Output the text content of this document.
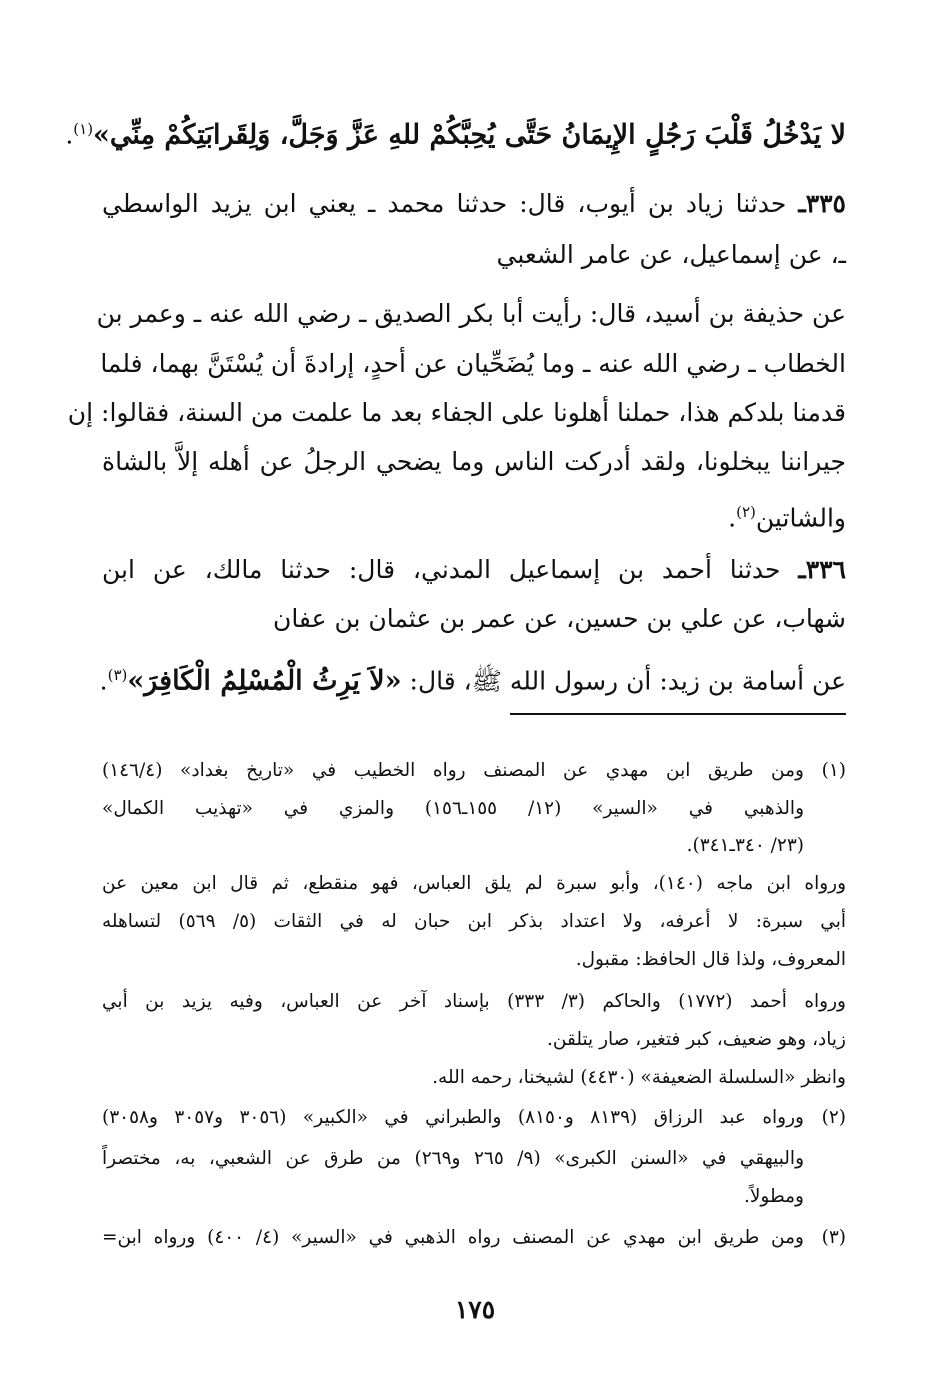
لا يَدْخُلُ قَلْبَ رَجُلٍ الإِيمَانُ حَتَّى يُحِبَّكُمْ للهِ عَزَّ وَجَلَّ، وَلِقَرابَتِكُمْ مِنِّي»$^{(١)}$.
٣٣٥ـ حدثنا زياد بن أيوب، قال: حدثنا محمد ـ يعني ابن يزيد الواسطي
ـ، عن إسماعيل، عن عامر الشعبي
عن حذيفة بن أسيد، قال: رأيت أبا بكر الصديق ـ رضي الله عنه ـ وعمر بن
الخطاب ـ رضي الله عنه ـ وما يُضَحِّيان عن أحدٍ، إرادةَ أن يُسْتَنَّ بهما، فلما
قدمنا بلدكم هذا، حملنا أهلونا على الجفاء بعد ما علمت من السنة، فقالوا: إن
جيراننا يبخلونا، ولقد أدركت الناس وما يضحي الرجلُ عن أهله إلاَّ بالشاة
والشاتين$^{(٢)}$.
٣٣٦ـ حدثنا أحمد بن إسماعيل المدني، قال: حدثنا مالك، عن ابن
شهاب، عن علي بن حسين، عن عمر بن عثمان بن عفان
عن أسامة بن زيد: أن رسول الله ﷺ، قال: «لاَ يَرِثُ الْمُسْلِمُ الْكَافِرَ»$^{(٣)}$.
(١)
ومن طريق ابن مهدي عن المصنف رواه الخطيب في «تاريخ بغداد» (١٤٦/٤)
والذهبي في «السير» (١٢/ ١٥٥ـ١٥٦) والمزي في «تهذيب الكمال»
(٢٣/ ٣٤٠ـ٣٤١).
ورواه ابن ماجه (١٤٠)، وأبو سبرة لم يلق العباس، فهو منقطع، ثم قال ابن معين عن
أبي سبرة: لا أعرفه، ولا اعتداد بذكر ابن حبان له في الثقات (٥/ ٥٦٩) لتساهله
المعروف، ولذا قال الحافظ: مقبول.
ورواه أحمد (١٧٧٢) والحاكم (٣/ ٣٣٣) بإسناد آخر عن العباس، وفيه يزيد بن أبي
زياد، وهو ضعيف، كبر فتغير، صار يتلقن.
وانظر «السلسلة الضعيفة» (٤٤٣٠) لشيخنا، رحمه الله.
(٢)
ورواه عبد الرزاق (٨١٣٩ و٨١٥٠) والطبراني في «الكبير» (٣٠٥٦ و٣٠٥٧ و٣٠٥٨)
والبيهقي في «السنن الكبرى» (٩/ ٢٦٥ و٢٦٩) من طرق عن الشعبي، به، مختصراً
ومطولاً.
(٣)
ومن طريق ابن مهدي عن المصنف رواه الذهبي في «السير» (٤/ ٤٠٠) ورواه ابن=
١٧٥
